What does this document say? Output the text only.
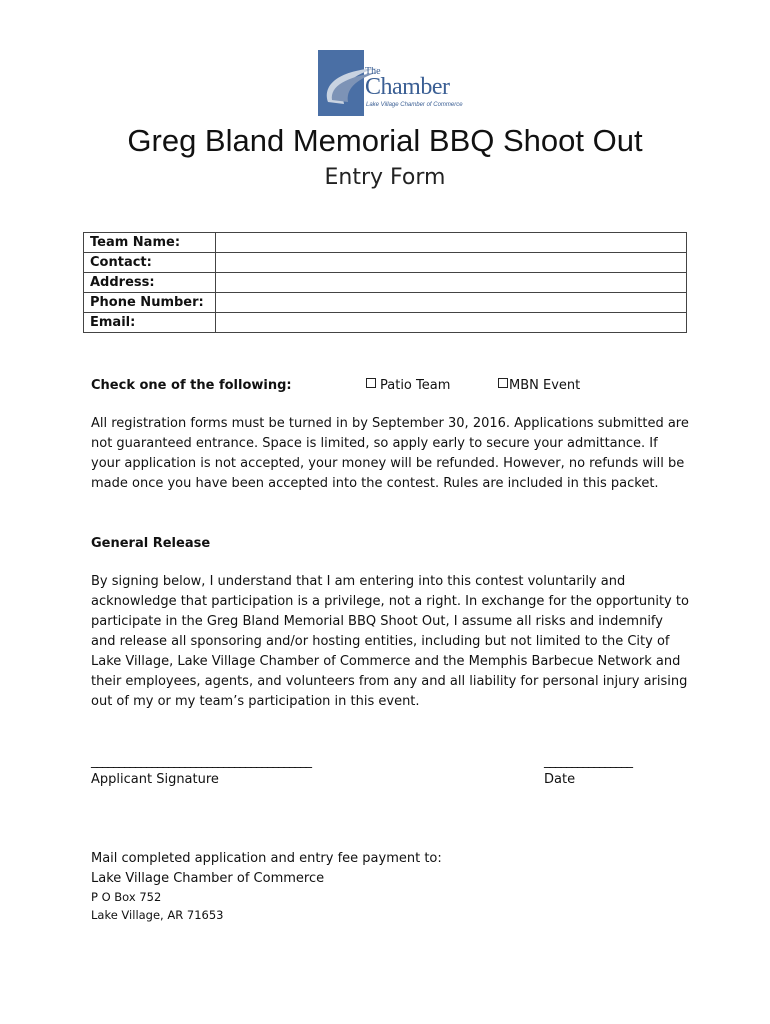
The
Chamber
Lake Village Chamber of Commerce
Greg Bland Memorial BBQ Shoot Out
Entry Form
Team Name:	
Contact:	
Address:	
Phone Number:	
Email:	
Check one of the following:	Patio Team	MBN Event
All registration forms must be turned in by September 30, 2016. Applications submitted are not guaranteed entrance. Space is limited, so apply early to secure your admittance. If your application is not accepted, your money will be refunded. However, no refunds will be made once you have been accepted into the contest. Rules are included in this packet.
General Release
By signing below, I understand that I am entering into this contest voluntarily and acknowledge that participation is a privilege, not a right. In exchange for the opportunity to participate in the Greg Bland Memorial BBQ Shoot Out, I assume all risks and indemnify and release all sponsoring and/or hosting entities, including but not limited to the City of Lake Village, Lake Village Chamber of Commerce and the Memphis Barbecue Network and their employees, agents, and volunteers from any and all liability for personal injury arising out of my or my team’s participation in this event.
________________________________________
Applicant Signature
________________
Date
Mail completed application and entry fee payment to:
Lake Village Chamber of Commerce
P O Box 752
Lake Village, AR 71653
